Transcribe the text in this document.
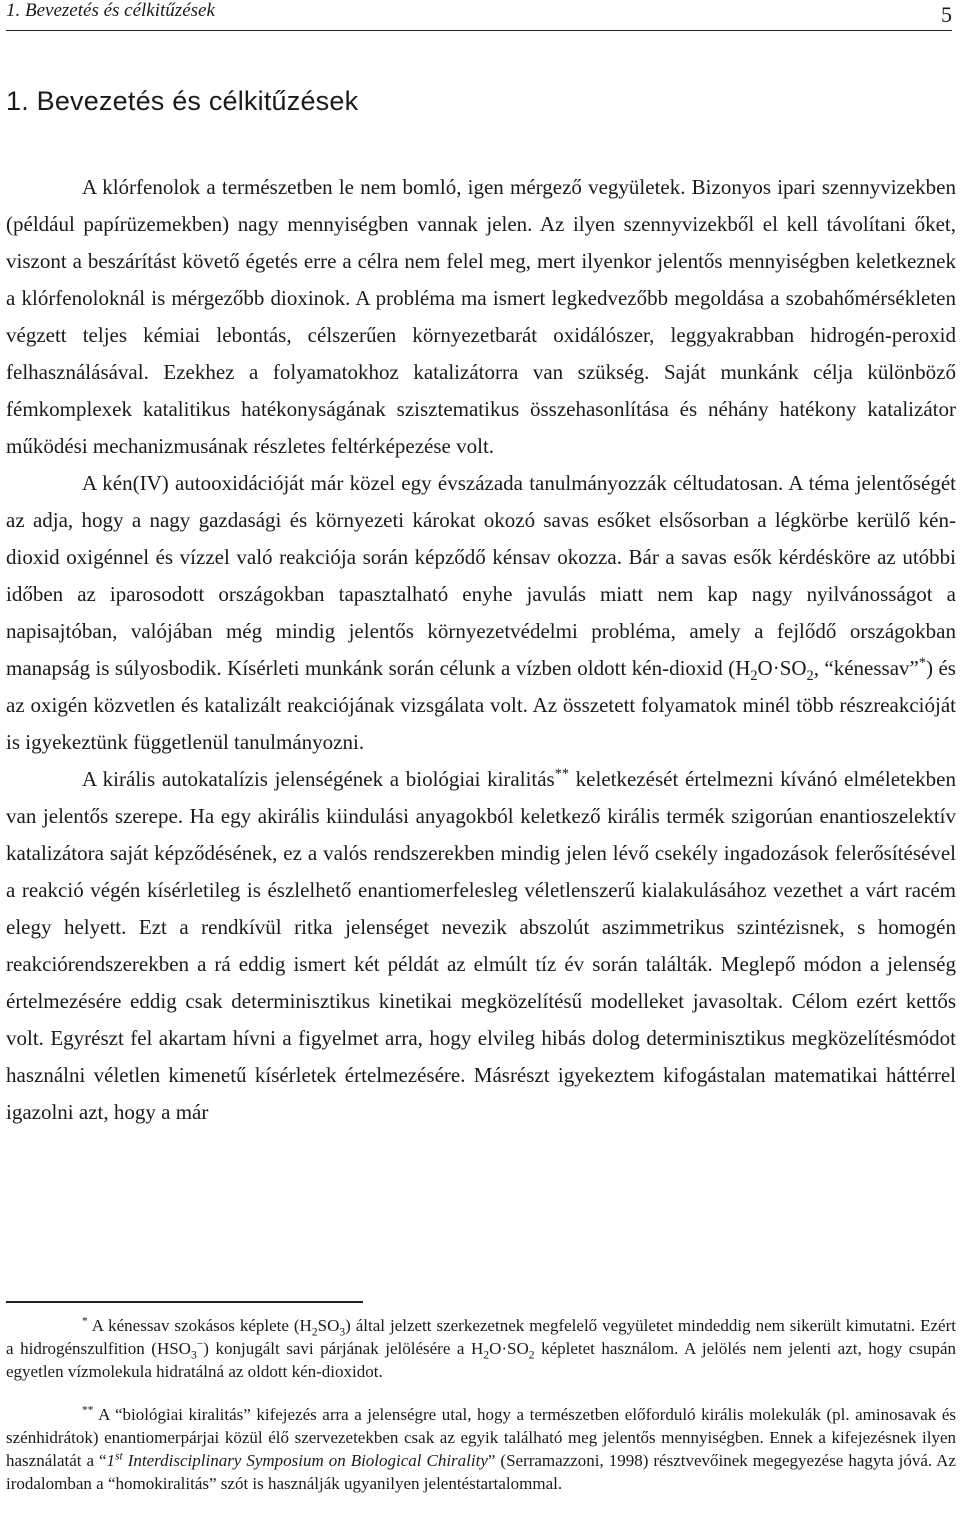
1. Bevezetés és célkitűzések	5
1. Bevezetés és célkitűzések

A klórfenolok a természetben le nem bomló, igen mérgező vegyületek. Bizonyos ipari szennyvizekben (például papírüzemekben) nagy mennyiségben vannak jelen. Az ilyen szennyvizekből el kell távolítani őket, viszont a beszárítást követő égetés erre a célra nem felel meg, mert ilyenkor jelentős mennyiségben keletkeznek a klórfenoloknál is mérgezőbb dioxinok. A probléma ma ismert legkedvezőbb megoldása a szobahőmérsékleten végzett teljes kémiai lebontás, célszerűen környezetbarát oxidálószer, leggyakrabban hidrogén-peroxid felhasználásával. Ezekhez a folyamatokhoz katalizátorra van szükség. Saját munkánk célja különböző fémkomplexek katalitikus hatékonyságának szisztematikus összehasonlítása és néhány hatékony katalizátor működési mechanizmusának részletes feltérképezése volt.

A kén(IV) autooxidációját már közel egy évszázada tanulmányozzák céltudatosan. A téma jelentőségét az adja, hogy a nagy gazdasági és környezeti károkat okozó savas esőket elsősorban a légkörbe kerülő kén-dioxid oxigénnel és vízzel való reakciója során képződő kénsav okozza. Bár a savas esők kérdésköre az utóbbi időben az iparosodott országokban tapasztalható enyhe javulás miatt nem kap nagy nyilvánosságot a napisajtóban, valójában még mindig jelentős környezetvédelmi probléma, amely a fejlődő országokban manapság is súlyosbodik. Kísérleti munkánk során célunk a vízben oldott kén-dioxid ($H_2O\cdot SO_2$, “kénessav”*) és az oxigén közvetlen és katalizált reakciójának vizsgálata volt. Az összetett folyamatok minél több részreakcióját is igyekeztünk függetlenül tanulmányozni.

A királis autokatalízis jelenségének a biológiai kiralitás** keletkezését értelmezni kívánó elméletekben van jelentős szerepe. Ha egy akirális kiindulási anyagokból keletkező királis termék szigorúan enantioszelektív katalizátora saját képződésének, ez a valós rendszerekben mindig jelen lévő csekély ingadozások felerősítésével a reakció végén kísérletileg is észlelhető enantiomerfelesleg véletlenszerű kialakulásához vezethet a várt racém elegy helyett. Ezt a rendkívül ritka jelenséget nevezik abszolút aszimmetrikus szintézisnek, s homogén reakciórendszerekben a rá eddig ismert két példát az elmúlt tíz év során találták. Meglepő módon a jelenség értelmezésére eddig csak determinisztikus kinetikai megközelítésű modelleket javasoltak. Célom ezért kettős volt. Egyrészt fel akartam hívni a figyelmet arra, hogy elvileg hibás dolog determinisztikus megközelítésmódot használni véletlen kimenetű kísérletek értelmezésére. Másrészt igyekeztem kifogástalan matematikai háttérrel igazolni azt, hogy a már

* A kénessav szokásos képlete $(H_2SO_3)$ által jelzett szerkezetnek megfelelő vegyületet mindeddig nem sikerült kimutatni. Ezért a hidrogénszulfition $(HSO_3^-)$ konjugált savi párjának jelölésére a $H_2O\cdot SO_2$ képletet használom. A jelölés nem jelenti azt, hogy csupán egyetlen vízmolekula hidratálná az oldott kén-dioxidot.

** A “biológiai kiralitás” kifejezés arra a jelenségre utal, hogy a természetben előforduló királis molekulák (pl. aminosavak és szénhidrátok) enantiomerpárjai közül élő szervezetekben csak az egyik található meg jelentős mennyiségben. Ennek a kifejezésnek ilyen használatát a “1st Interdisciplinary Symposium on Biological Chirality” (Serramazzoni, 1998) résztvevőinek megegyezése hagyta jóvá. Az irodalomban a “homokiralitás” szót is használják ugyanilyen jelentéstartalommal.
